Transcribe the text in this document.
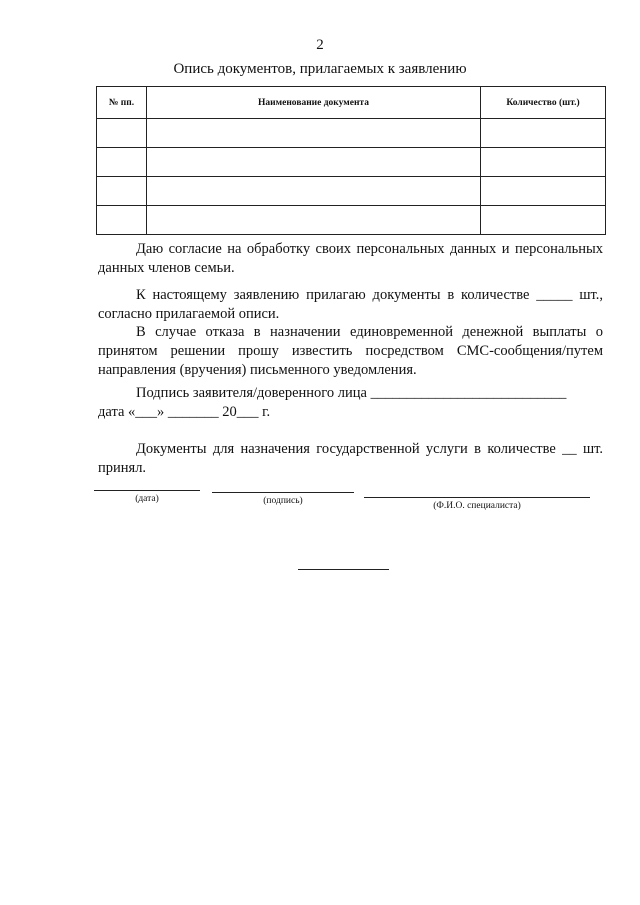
2
Опись документов, прилагаемых к заявлению
№ пп.	Наименование документа	Количество (шт.)

Даю согласие на обработку своих персональных данных и персональных данных членов семьи.
К настоящему заявлению прилагаю документы в количестве _____ шт., согласно прилагаемой описи.
В случае отказа в назначении единовременной денежной выплаты о принятом решении прошу известить посредством СМС-сообщения/путем направления (вручения) письменного уведомления.
Подпись заявителя/доверенного лица ___________________________
дата «___» _______ 20___ г.
Документы для назначения государственной услуги в количестве __ шт. принял.
(дата)	(подпись)	(Ф.И.О. специалиста)
